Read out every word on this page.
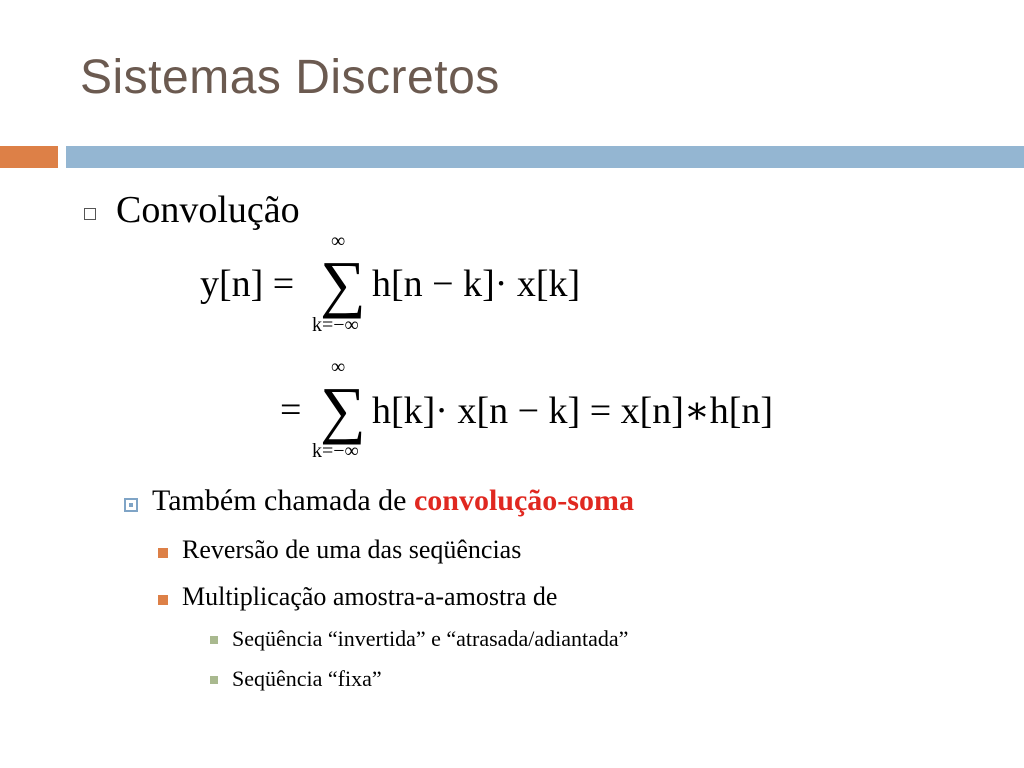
Sistemas Discretos
Convolução
y[n] =
∞
∑
k=−∞
h[n − k]· x[k]
=
∞
∑
k=−∞
h[k]· x[n − k] = x[n]∗h[n]
Também chamada de convolução-soma
Reversão de uma das seqüências
Multiplicação amostra-a-amostra de
Seqüência “invertida” e “atrasada/adiantada”
Seqüência “fixa”
